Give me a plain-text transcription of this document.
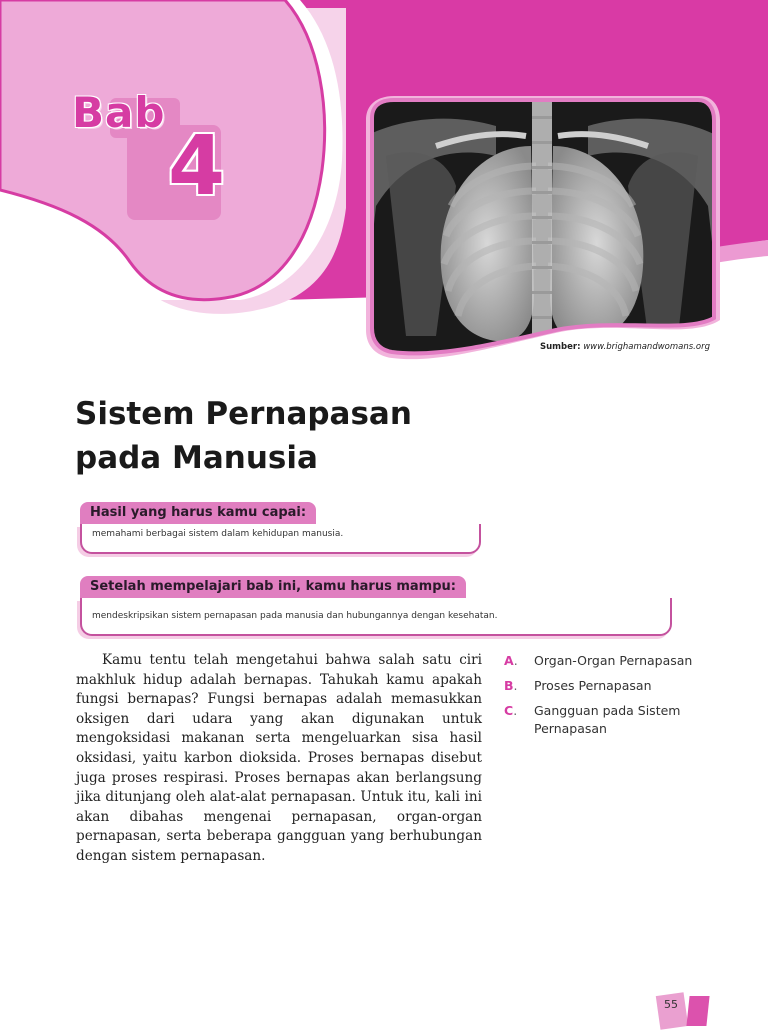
Bab
4
Sumber: www.brighamandwomans.org
Sistem Pernapasan
pada Manusia
Hasil yang harus kamu capai:
memahami berbagai sistem dalam kehidupan manusia.
Setelah mempelajari bab ini, kamu harus mampu:
mendeskripsikan sistem pernapasan pada manusia dan hubungannya dengan kesehatan.

Kamu tentu telah mengetahui bahwa salah satu ciri makhluk hidup adalah bernapas. Tahukah kamu apakah fungsi bernapas? Fungsi bernapas adalah memasukkan oksigen dari udara yang akan digunakan untuk mengoksidasi makanan serta mengeluarkan sisa hasil oksidasi, yaitu karbon dioksida. Proses bernapas disebut juga proses respirasi. Proses bernapas akan berlangsung jika ditunjang oleh alat-alat pernapasan. Untuk itu, kali ini akan dibahas mengenai pernapasan, organ-organ pernapasan, serta beberapa gangguan yang berhubungan dengan sistem pernapasan.

A.	Organ-Organ Pernapasan
B.	Proses Pernapasan
C.	Gangguan pada Sistem Pernapasan
55
